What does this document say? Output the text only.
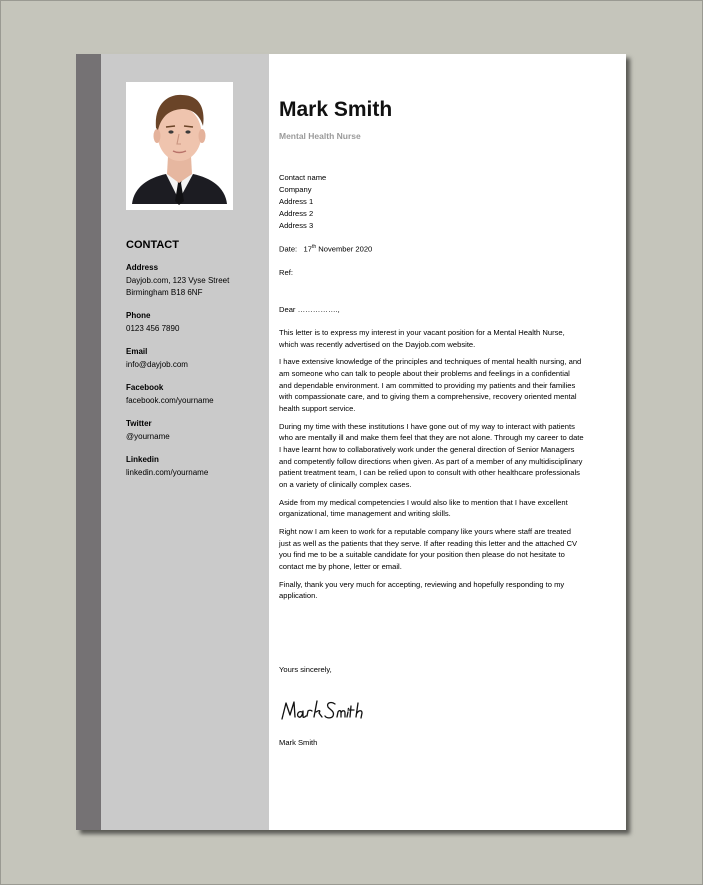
CONTACT
Address
Dayjob.com, 123 Vyse Street
Birmingham B18 6NF
Phone
0123 456 7890
Email
info@dayjob.com
Facebook
facebook.com/yourname
Twitter
@yourname
Linkedin
linkedin.com/yourname
Mark Smith
Mental Health Nurse
Contact name
Company
Address 1
Address 2
Address 3
Date: 17th November 2020
Ref:
Dear …………….,

This letter is to express my interest in your vacant position for a Mental Health Nurse, which was recently advertised on the Dayjob.com website.

I have extensive knowledge of the principles and techniques of mental health nursing, and am someone who can talk to people about their problems and feelings in a confidential and dependable environment. I am committed to providing my patients and their families with compassionate care, and to giving them a comprehensive, recovery oriented mental health support service.

During my time with these institutions I have gone out of my way to interact with patients who are mentally ill and make them feel that they are not alone. Through my career to date I have learnt how to collaboratively work under the general direction of Senior Managers and competently follow directions when given. As part of a member of any multidisciplinary patient treatment team, I can be relied upon to consult with other healthcare professionals on a variety of clinically complex cases.

Aside from my medical competencies I would also like to mention that I have excellent organizational, time management and writing skills.

Right now I am keen to work for a reputable company like yours where staff are treated just as well as the patients that they serve. If after reading this letter and the attached CV you find me to be a suitable candidate for your position then please do not hesitate to contact me by phone, letter or email.

Finally, thank you very much for accepting, reviewing and hopefully responding to my application.

Yours sincerely,
Mark Smith
